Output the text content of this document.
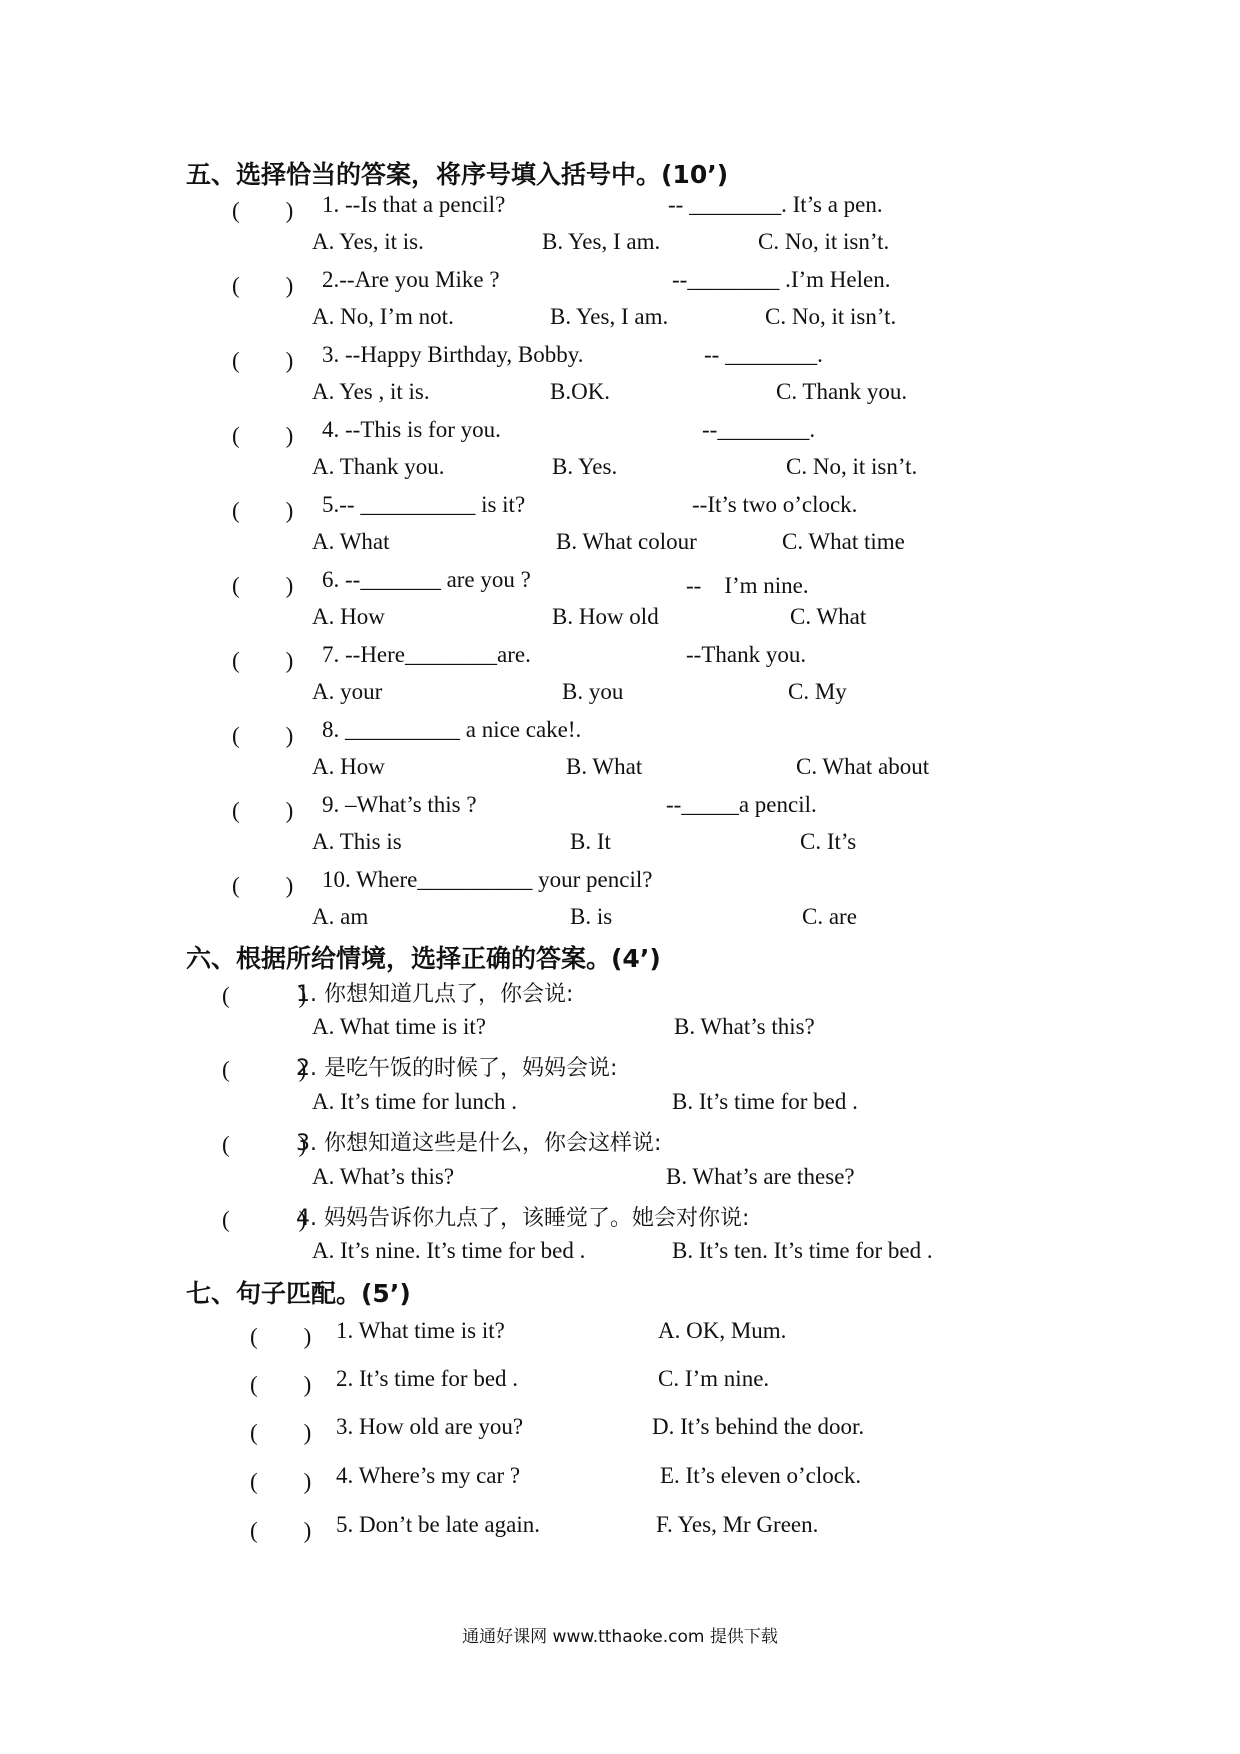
五、选择恰当的答案，将序号填入括号中。(10’)
(　　) 1. --Is that a pencil?	-- ________. It’s a pen.
A. Yes, it is.	B. Yes, I am.	C. No, it isn’t.
(　　) 2.--Are you Mike ?	--________ .I’m Helen.
A. No, I’m not.	B. Yes, I am.	C. No, it isn’t.
(　　) 3. --Happy Birthday, Bobby.	-- ________.
A. Yes , it is.	B.OK.	C. Thank you.
(　　) 4. --This is for you.	--________.
A. Thank you.	B. Yes.	C. No, it isn’t.
(　　) 5.-- __________ is it?	--It’s two o’clock.
A. What	B. What colour	C. What time
(　　) 6. --_______ are you ?	--　I’m nine.
A. How	B. How old	C. What
(　　) 7. --Here________are.	--Thank you.
A. your	B. you	C. My
(　　) 8. __________ a nice cake!.
A. How	B. What	C. What about
(　　) 9. –What’s this ?	--_____a pencil.
A. This is	B. It	C. It’s
(　　) 10. Where__________ your pencil?
A. am	B. is	C. are
六、根据所给情境，选择正确的答案。(4’)
(　　　)
1. 你想知道几点了，你会说:
A. What time is it?	B. What’s this?
(　　　)
2. 是吃午饭的时候了，妈妈会说:
A. It’s time for lunch .	B. It’s time for bed .
(　　　)
3. 你想知道这些是什么，你会这样说:
A. What’s this?	B. What’s are these?
(　　　)
4. 妈妈告诉你九点了，该睡觉了。她会对你说:
A. It’s nine. It’s time for bed .	B. It’s ten. It’s time for bed .
七、句子匹配。(5’)
(　　) 1. What time is it?	A. OK, Mum.
(　　) 2. It’s time for bed .	C. I’m nine.
(　　) 3. How old are you?	D. It’s behind the door.
(　　) 4. Where’s my car ?	E. It’s eleven o’clock.
(　　) 5. Don’t be late again.	F. Yes, Mr Green.
通通好课网 www.tthaoke.com 提供下载
